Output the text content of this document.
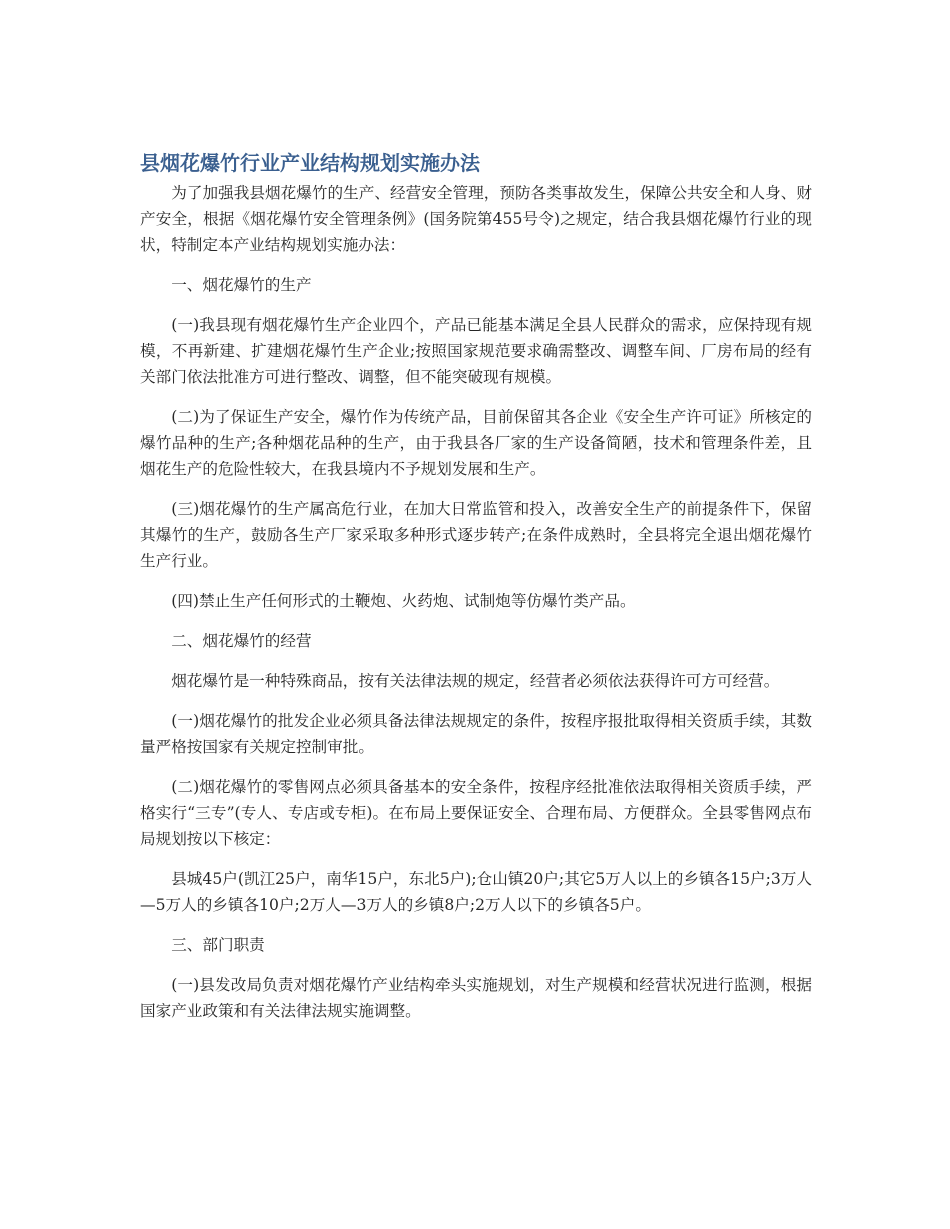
县烟花爆竹行业产业结构规划实施办法

为了加强我县烟花爆竹的生产、经营安全管理，预防各类事故发生，保障公共安全和人身、财产安全，根据《烟花爆竹安全管理条例》(国务院第455号令)之规定，结合我县烟花爆竹行业的现状，特制定本产业结构规划实施办法：

一、烟花爆竹的生产

(一)我县现有烟花爆竹生产企业四个，产品已能基本满足全县人民群众的需求，应保持现有规模，不再新建、扩建烟花爆竹生产企业;按照国家规范要求确需整改、调整车间、厂房布局的经有关部门依法批准方可进行整改、调整，但不能突破现有规模。

(二)为了保证生产安全，爆竹作为传统产品，目前保留其各企业《安全生产许可证》所核定的爆竹品种的生产;各种烟花品种的生产，由于我县各厂家的生产设备简陋，技术和管理条件差，且烟花生产的危险性较大，在我县境内不予规划发展和生产。

(三)烟花爆竹的生产属高危行业，在加大日常监管和投入，改善安全生产的前提条件下，保留其爆竹的生产，鼓励各生产厂家采取多种形式逐步转产;在条件成熟时，全县将完全退出烟花爆竹生产行业。

(四)禁止生产任何形式的土鞭炮、火药炮、试制炮等仿爆竹类产品。

二、烟花爆竹的经营

烟花爆竹是一种特殊商品，按有关法律法规的规定，经营者必须依法获得许可方可经营。

(一)烟花爆竹的批发企业必须具备法律法规规定的条件，按程序报批取得相关资质手续，其数量严格按国家有关规定控制审批。

(二)烟花爆竹的零售网点必须具备基本的安全条件，按程序经批准依法取得相关资质手续，严格实行“三专”(专人、专店或专柜)。在布局上要保证安全、合理布局、方便群众。全县零售网点布局规划按以下核定：

县城45户(凯江25户，南华15户，东北5户);仓山镇20户;其它5万人以上的乡镇各15户;3万人—5万人的乡镇各10户;2万人—3万人的乡镇8户;2万人以下的乡镇各5户。

三、部门职责

(一)县发改局负责对烟花爆竹产业结构牵头实施规划，对生产规模和经营状况进行监测，根据国家产业政策和有关法律法规实施调整。
